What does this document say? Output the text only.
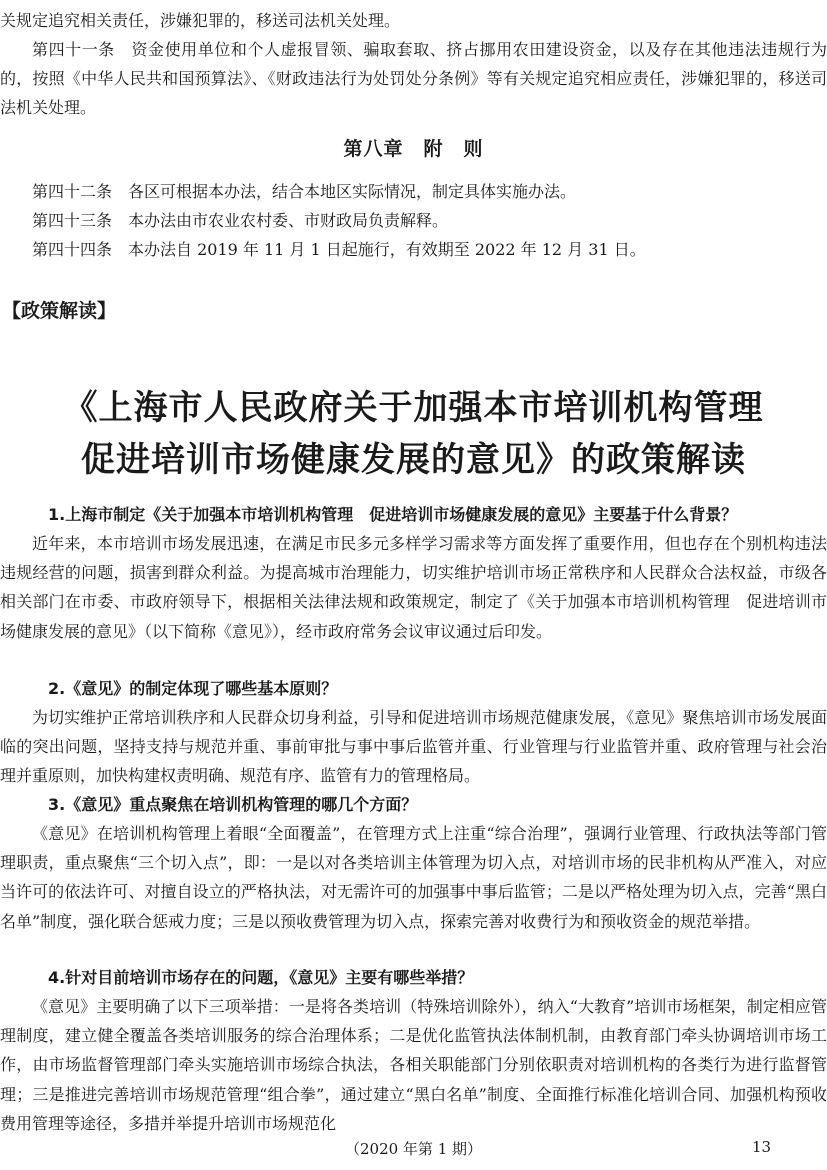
关规定追究相关责任，涉嫌犯罪的，移送司法机关处理。

第四十一条　资金使用单位和个人虚报冒领、骗取套取、挤占挪用农田建设资金，以及存在其他违法违规行为的，按照《中华人民共和国预算法》、《财政违法行为处罚处分条例》等有关规定追究相应责任，涉嫌犯罪的，移送司法机关处理。

第八章　附　则

第四十二条　各区可根据本办法，结合本地区实际情况，制定具体实施办法。

第四十三条　本办法由市农业农村委、市财政局负责解释。

第四十四条　本办法自 2019 年 11 月 1 日起施行，有效期至 2022 年 12 月 31 日。

【政策解读】
《上海市人民政府关于加强本市培训机构管理
促进培训市场健康发展的意见》的政策解读
1.上海市制定《关于加强本市培训机构管理　促进培训市场健康发展的意见》主要基于什么背景？

近年来，本市培训市场发展迅速，在满足市民多元多样学习需求等方面发挥了重要作用，但也存在个别机构违法违规经营的问题，损害到群众利益。为提高城市治理能力，切实维护培训市场正常秩序和人民群众合法权益，市级各相关部门在市委、市政府领导下，根据相关法律法规和政策规定，制定了《关于加强本市培训机构管理　促进培训市场健康发展的意见》（以下简称《意见》），经市政府常务会议审议通过后印发。

2.《意见》的制定体现了哪些基本原则？

为切实维护正常培训秩序和人民群众切身利益，引导和促进培训市场规范健康发展，《意见》聚焦培训市场发展面临的突出问题，坚持支持与规范并重、事前审批与事中事后监管并重、行业管理与行业监管并重、政府管理与社会治理并重原则，加快构建权责明确、规范有序、监管有力的管理格局。

3.《意见》重点聚焦在培训机构管理的哪几个方面？

《意见》在培训机构管理上着眼“全面覆盖”，在管理方式上注重“综合治理”，强调行业管理、行政执法等部门管理职责，重点聚焦“三个切入点”，即：一是以对各类培训主体管理为切入点，对培训市场的民非机构从严准入，对应当许可的依法许可、对擅自设立的严格执法，对无需许可的加强事中事后监管；二是以严格处理为切入点，完善“黑白名单”制度，强化联合惩戒力度；三是以预收费管理为切入点，探索完善对收费行为和预收资金的规范举措。

4.针对目前培训市场存在的问题，《意见》主要有哪些举措？

《意见》主要明确了以下三项举措：一是将各类培训（特殊培训除外），纳入“大教育”培训市场框架，制定相应管理制度，建立健全覆盖各类培训服务的综合治理体系；二是优化监管执法体制机制，由教育部门牵头协调培训市场工作，由市场监督管理部门牵头实施培训市场综合执法，各相关职能部门分别依职责对培训机构的各类行为进行监督管理；三是推进完善培训市场规范管理“组合拳”，通过建立“黑白名单”制度、全面推行标准化培训合同、加强机构预收费用管理等途径，多措并举提升培训市场规范化

（2020 年第 1 期）	13
